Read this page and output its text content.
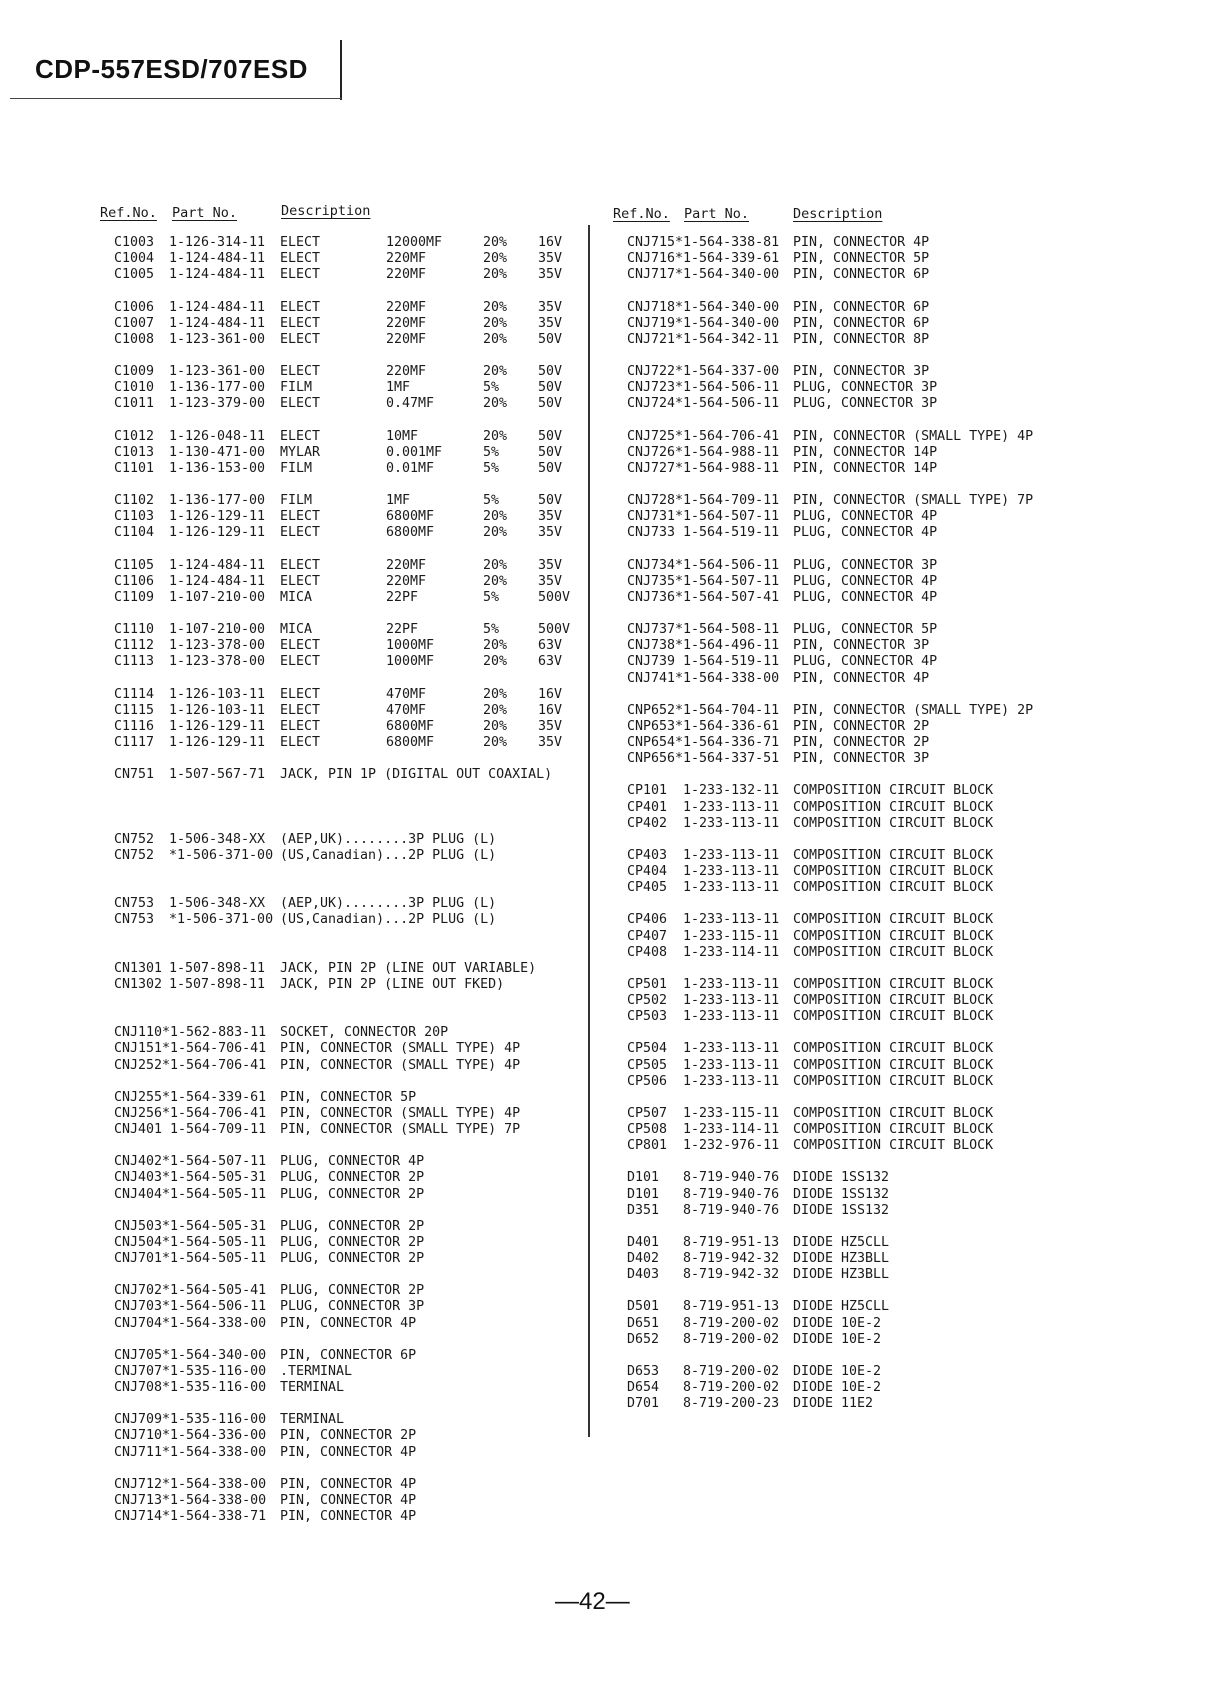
CDP-557ESD/707ESD
Ref.No. Part No.	Description	Ref.No. Part No.	Description
C1003 1-126-314-11 ELECT	12000MF	20% 16V
C1004 1-124-484-11 ELECT	220MF	20% 35V
C1005 1-124-484-11 ELECT	220MF	20% 35V
C1006 1-124-484-11 ELECT	220MF	20% 35V
C1007 1-124-484-11 ELECT	220MF	20% 35V
C1008 1-123-361-00 ELECT	220MF	20% 50V
C1009 1-123-361-00 ELECT	220MF	20% 50V
C1010 1-136-177-00 FILM	1MF	5%	50V
C1011 1-123-379-00 ELECT	0.47MF	20% 50V
C1012 1-126-048-11 ELECT	10MF	20% 50V
C1013 1-130-471-00 MYLAR	0.001MF	5%	50V
C1101 1-136-153-00 FILM	0.01MF	5%	50V
C1102 1-136-177-00 FILM	1MF	5%	50V
C1103 1-126-129-11 ELECT	6800MF	20% 35V
C1104 1-126-129-11 ELECT	6800MF	20% 35V
C1105 1-124-484-11 ELECT	220MF	20% 35V
C1106 1-124-484-11 ELECT	220MF	20% 35V
C1109 1-107-210-00 MICA	22PF	5%	500V
C1110 1-107-210-00 MICA	22PF	5%	500V
C1112 1-123-378-00 ELECT	1000MF	20% 63V
C1113 1-123-378-00 ELECT	1000MF	20% 63V
C1114 1-126-103-11 ELECT	470MF	20% 16V
C1115 1-126-103-11 ELECT	470MF	20% 16V
C1116 1-126-129-11 ELECT	6800MF	20% 35V
C1117 1-126-129-11 ELECT	6800MF	20% 35V
CN751 1-507-567-71 JACK, PIN 1P (DIGITAL OUT COAXIAL)
CN752 1-506-348-XX (AEP,UK)........3P PLUG (L)
CN752 *1-506-371-00 (US,Canadian)...2P PLUG (L)
CN753 1-506-348-XX (AEP,UK)........3P PLUG (L)
CN753 *1-506-371-00 (US,Canadian)...2P PLUG (L)
CN1301 1-507-898-11 JACK, PIN 2P (LINE OUT VARIABLE)
CN1302 1-507-898-11 JACK, PIN 2P (LINE OUT FKED)
CNJ110*1-562-883-11 SOCKET, CONNECTOR 20P
CNJ151*1-564-706-41 PIN, CONNECTOR (SMALL TYPE) 4P
CNJ252*1-564-706-41 PIN, CONNECTOR (SMALL TYPE) 4P
CNJ255*1-564-339-61 PIN, CONNECTOR 5P
CNJ256*1-564-706-41 PIN, CONNECTOR (SMALL TYPE) 4P
CNJ401 1-564-709-11 PIN, CONNECTOR (SMALL TYPE) 7P
CNJ402*1-564-507-11 PLUG, CONNECTOR 4P
CNJ403*1-564-505-31 PLUG, CONNECTOR 2P
CNJ404*1-564-505-11 PLUG, CONNECTOR 2P
CNJ503*1-564-505-31 PLUG, CONNECTOR 2P
CNJ504*1-564-505-11 PLUG, CONNECTOR 2P
CNJ701*1-564-505-11 PLUG, CONNECTOR 2P
CNJ702*1-564-505-41 PLUG, CONNECTOR 2P
CNJ703*1-564-506-11 PLUG, CONNECTOR 3P
CNJ704*1-564-338-00 PIN, CONNECTOR 4P
CNJ705*1-564-340-00 PIN, CONNECTOR 6P
CNJ707*1-535-116-00 .TERMINAL
CNJ708*1-535-116-00 TERMINAL
CNJ709*1-535-116-00 TERMINAL
CNJ710*1-564-336-00 PIN, CONNECTOR 2P
CNJ711*1-564-338-00 PIN, CONNECTOR 4P
CNJ712*1-564-338-00 PIN, CONNECTOR 4P
CNJ713*1-564-338-00 PIN, CONNECTOR 4P
CNJ714*1-564-338-71 PIN, CONNECTOR 4P
CNJ715*1-564-338-81 PIN, CONNECTOR 4P
CNJ716*1-564-339-61 PIN, CONNECTOR 5P
CNJ717*1-564-340-00 PIN, CONNECTOR 6P
CNJ718*1-564-340-00 PIN, CONNECTOR 6P
CNJ719*1-564-340-00 PIN, CONNECTOR 6P
CNJ721*1-564-342-11 PIN, CONNECTOR 8P
CNJ722*1-564-337-00 PIN, CONNECTOR 3P
CNJ723*1-564-506-11 PLUG, CONNECTOR 3P
CNJ724*1-564-506-11 PLUG, CONNECTOR 3P
CNJ725*1-564-706-41 PIN, CONNECTOR (SMALL TYPE) 4P
CNJ726*1-564-988-11 PIN, CONNECTOR 14P
CNJ727*1-564-988-11 PIN, CONNECTOR 14P
CNJ728*1-564-709-11 PIN, CONNECTOR (SMALL TYPE) 7P
CNJ731*1-564-507-11 PLUG, CONNECTOR 4P
CNJ733 1-564-519-11 PLUG, CONNECTOR 4P
CNJ734*1-564-506-11 PLUG, CONNECTOR 3P
CNJ735*1-564-507-11 PLUG, CONNECTOR 4P
CNJ736*1-564-507-41 PLUG, CONNECTOR 4P
CNJ737*1-564-508-11 PLUG, CONNECTOR 5P
CNJ738*1-564-496-11 PIN, CONNECTOR 3P
CNJ739 1-564-519-11 PLUG, CONNECTOR 4P
CNJ741*1-564-338-00 PIN, CONNECTOR 4P
CNP652*1-564-704-11 PIN, CONNECTOR (SMALL TYPE) 2P
CNP653*1-564-336-61 PIN, CONNECTOR 2P
CNP654*1-564-336-71 PIN, CONNECTOR 2P
CNP656*1-564-337-51 PIN, CONNECTOR 3P
CP101  1-233-132-11 COMPOSITION CIRCUIT BLOCK
CP401  1-233-113-11 COMPOSITION CIRCUIT BLOCK
CP402  1-233-113-11 COMPOSITION CIRCUIT BLOCK
CP403  1-233-113-11 COMPOSITION CIRCUIT BLOCK
CP404  1-233-113-11 COMPOSITION CIRCUIT BLOCK
CP405  1-233-113-11 COMPOSITION CIRCUIT BLOCK
CP406  1-233-113-11 COMPOSITION CIRCUIT BLOCK
CP407  1-233-115-11 COMPOSITION CIRCUIT BLOCK
CP408  1-233-114-11 COMPOSITION CIRCUIT BLOCK
CP501  1-233-113-11 COMPOSITION CIRCUIT BLOCK
CP502  1-233-113-11 COMPOSITION CIRCUIT BLOCK
CP503  1-233-113-11 COMPOSITION CIRCUIT BLOCK
CP504  1-233-113-11 COMPOSITION CIRCUIT BLOCK
CP505  1-233-113-11 COMPOSITION CIRCUIT BLOCK
CP506  1-233-113-11 COMPOSITION CIRCUIT BLOCK
CP507  1-233-115-11 COMPOSITION CIRCUIT BLOCK
CP508  1-233-114-11 COMPOSITION CIRCUIT BLOCK
CP801  1-232-976-11 COMPOSITION CIRCUIT BLOCK
D101   8-719-940-76 DIODE 1SS132
D101   8-719-940-76 DIODE 1SS132
D351   8-719-940-76 DIODE 1SS132
D401   8-719-951-13 DIODE HZ5CLL
D402   8-719-942-32 DIODE HZ3BLL
D403   8-719-942-32 DIODE HZ3BLL
D501   8-719-951-13 DIODE HZ5CLL
D651   8-719-200-02 DIODE 10E-2
D652   8-719-200-02 DIODE 10E-2
D653   8-719-200-02 DIODE 10E-2
D654   8-719-200-02 DIODE 10E-2
D701   8-719-200-23 DIODE 11E2
—42—
